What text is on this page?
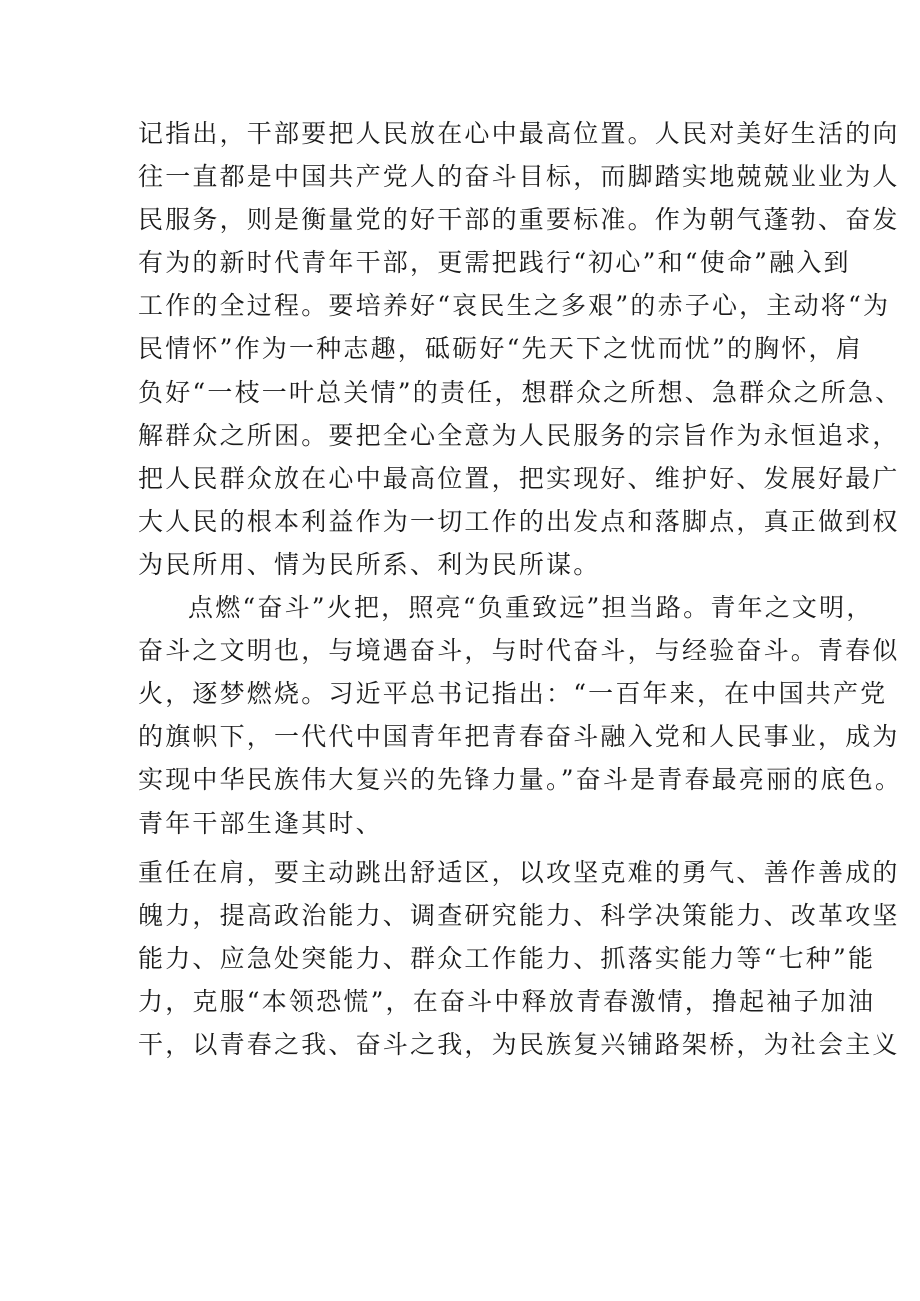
记指出，干部要把人民放在心中最高位置。人民对美好生活的向
往一直都是中国共产党人的奋斗目标，而脚踏实地兢兢业业为人
民服务，则是衡量党的好干部的重要标准。作为朝气蓬勃、奋发
有为的新时代青年干部，更需把践行“初心”和“使命”融入到
工作的全过程。要培养好“哀民生之多艰”的赤子心，主动将“为
民情怀”作为一种志趣，砥砺好“先天下之忧而忧”的胸怀，肩
负好“一枝一叶总关情”的责任，想群众之所想、急群众之所急、
解群众之所困。要把全心全意为人民服务的宗旨作为永恒追求，
把人民群众放在心中最高位置，把实现好、维护好、发展好最广
大人民的根本利益作为一切工作的出发点和落脚点，真正做到权
为民所用、情为民所系、利为民所谋。
点燃“奋斗”火把，照亮“负重致远”担当路。青年之文明，
奋斗之文明也，与境遇奋斗，与时代奋斗，与经验奋斗。青春似
火，逐梦燃烧。习近平总书记指出：“一百年来，在中国共产党
的旗帜下，一代代中国青年把青春奋斗融入党和人民事业，成为
实现中华民族伟大复兴的先锋力量。”奋斗是青春最亮丽的底色。
青年干部生逢其时、
重任在肩，要主动跳出舒适区，以攻坚克难的勇气、善作善成的
魄力，提高政治能力、调查研究能力、科学决策能力、改革攻坚
能力、应急处突能力、群众工作能力、抓落实能力等“七种”能
力，克服“本领恐慌”，在奋斗中释放青春激情，撸起袖子加油
干，以青春之我、奋斗之我，为民族复兴铺路架桥，为社会主义
